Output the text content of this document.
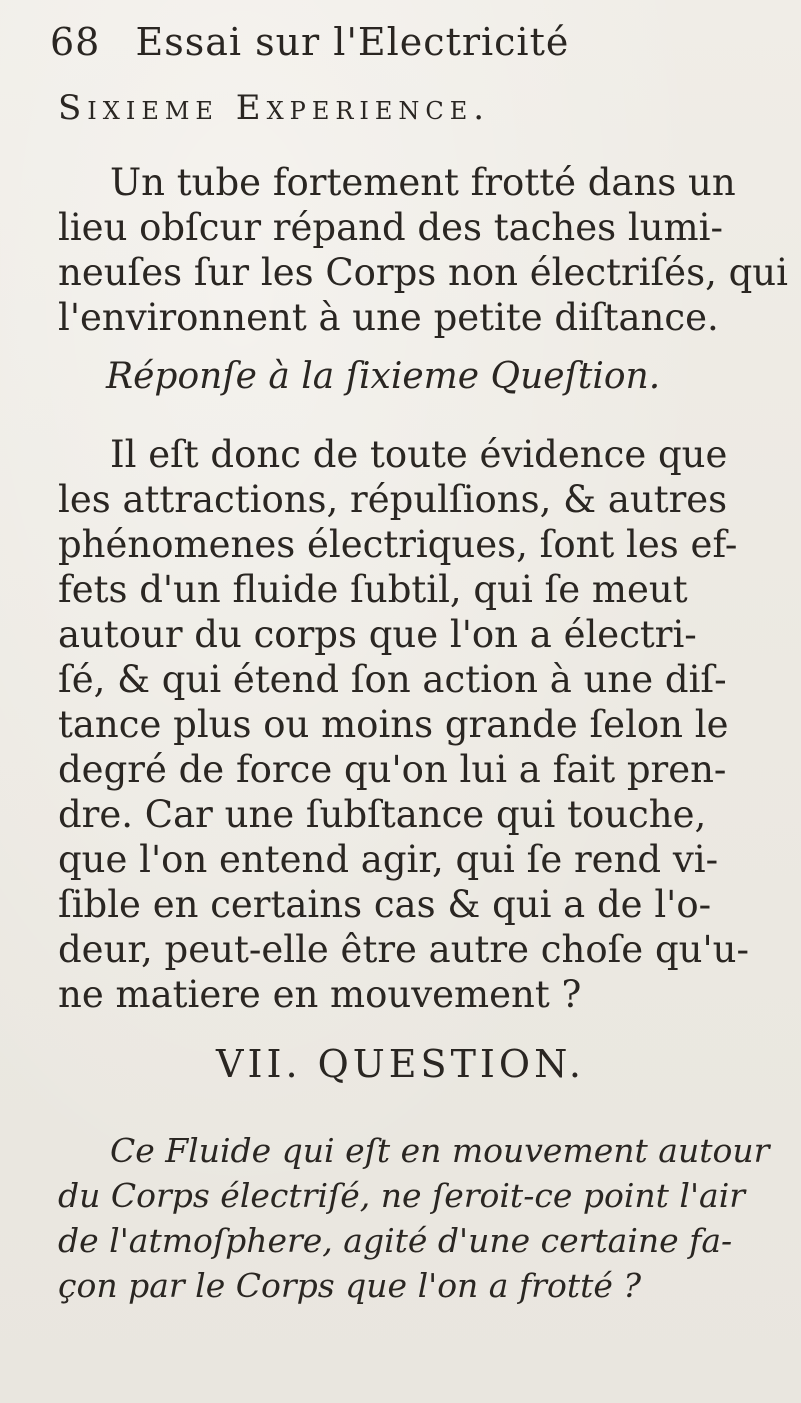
68 Essai sur l'Electricité
Sixieme Experience.
Un tube fortement frotté dans un
lieu obſcur répand des taches lumi-
neuſes ſur les Corps non électriſés, qui
l'environnent à une petite diſtance.
Réponſe à la ſixieme Queſtion.
Il eſt donc de toute évidence que
les attractions, répulſions, & autres
phénomenes électriques, ſont les ef-
fets d'un fluide ſubtil, qui ſe meut
autour du corps que l'on a électri-
ſé, & qui étend ſon action à une diſ-
tance plus ou moins grande ſelon le
degré de force qu'on lui a fait pren-
dre. Car une ſubſtance qui touche,
que l'on entend agir, qui ſe rend vi-
ſible en certains cas & qui a de l'o-
deur, peut-elle être autre choſe qu'u-
ne matiere en mouvement ?
VII. QUESTION.
Ce Fluide qui eſt en mouvement autour
du Corps électriſé, ne ſeroit-ce point l'air
de l'atmoſphere, agité d'une certaine fa-
çon par le Corps que l'on a frotté ?
